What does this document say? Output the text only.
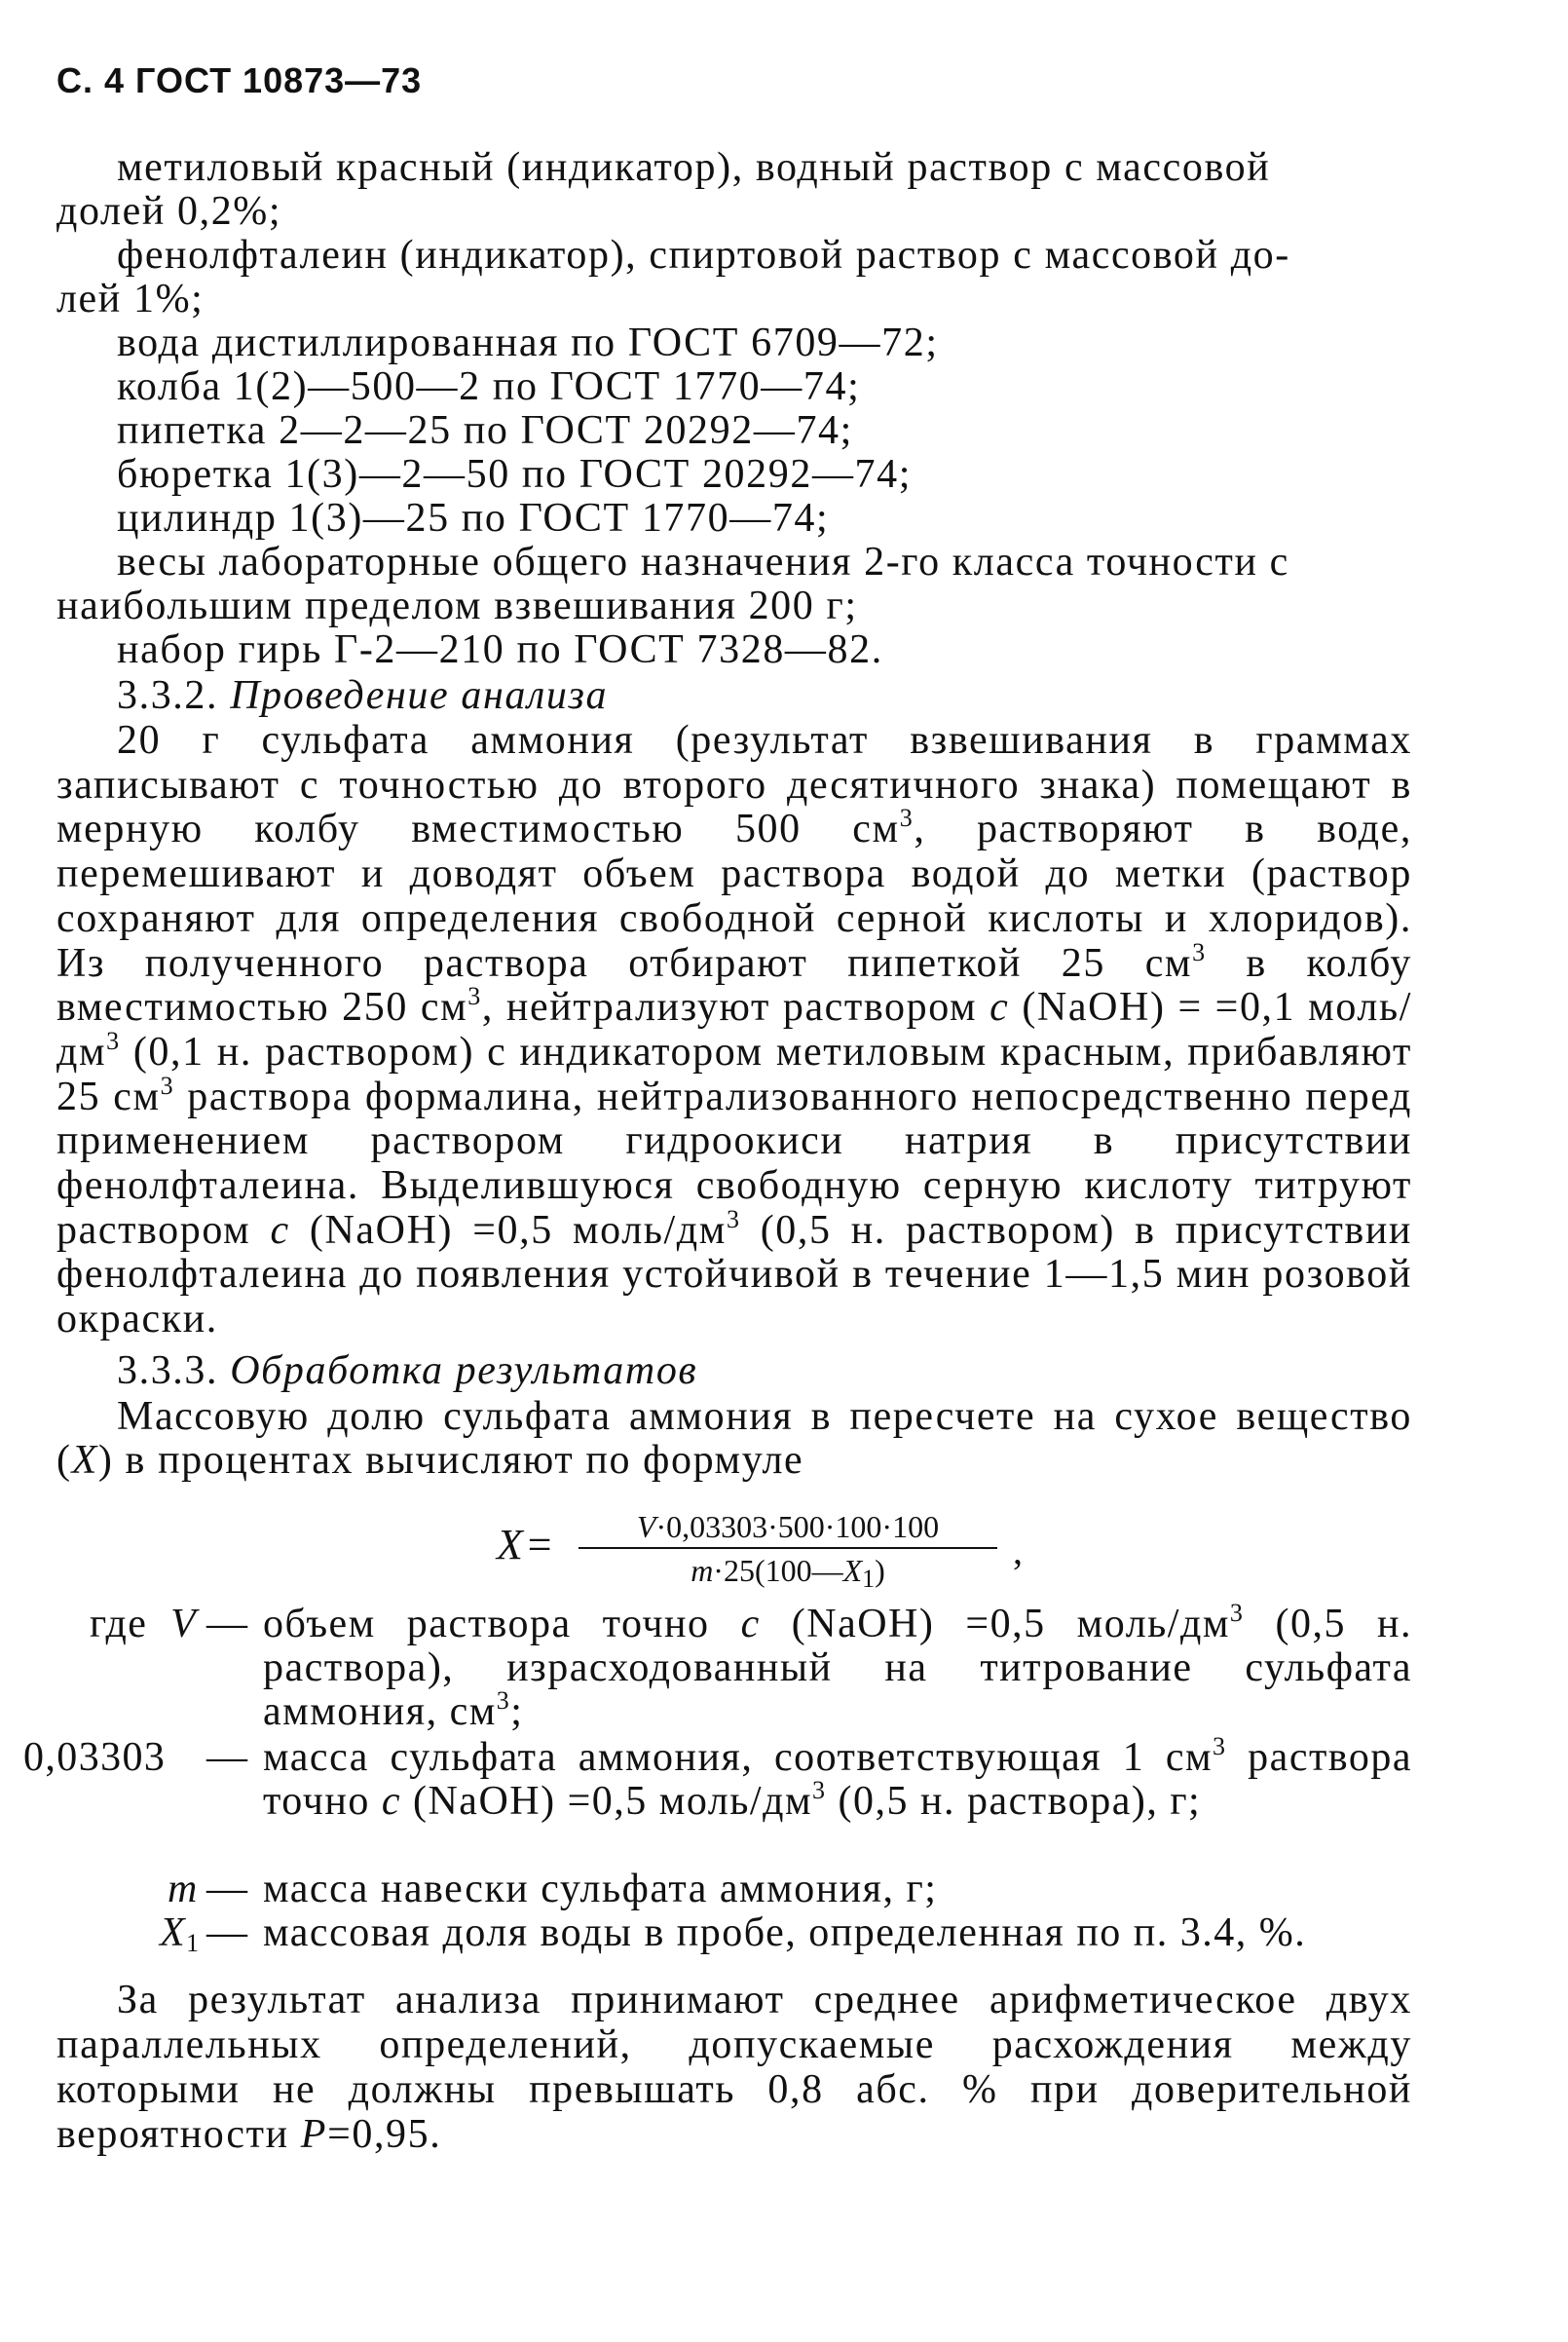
С. 4 ГОСТ 10873—73
метиловый красный (индикатор), водный раствор с массовой
долей 0,2%;
фенолфталеин (индикатор), спиртовой раствор с массовой до-
лей 1%;
вода дистиллированная по ГОСТ 6709—72;
колба 1(2)—500—2 по ГОСТ 1770—74;
пипетка 2—2—25 по ГОСТ 20292—74;
бюретка 1(3)—2—50 по ГОСТ 20292—74;
цилиндр 1(3)—25 по ГОСТ 1770—74;
весы лабораторные общего назначения 2-го класса точности с
наибольшим пределом взвешивания 200 г;
набор гирь Г-2—210 по ГОСТ 7328—82.
3.3.2. Проведение анализа
20 г сульфата аммония (результат взвешивания в граммах записывают с точностью до второго десятичного знака) помещают в мерную колбу вместимостью 500 $см^3$, растворяют в воде, перемешивают и доводят объем раствора водой до метки (раствор сохраняют для определения свободной серной кислоты и хлоридов). Из полученного раствора отбирают пипеткой 25 $см^3$ в колбу вместимостью 250 $см^3$, нейтрализуют раствором c (NaOH) = =0,1 моль/$дм^3$ (0,1 н. раствором) с индикатором метиловым красным, прибавляют 25 $см^3$ раствора формалина, нейтрализованного непосредственно перед применением раствором гидроокиси натрия в присутствии фенолфталеина. Выделившуюся свободную серную кислоту титруют раствором c (NaOH) =0,5 моль/$дм^3$ (0,5 н. раствором) в присутствии фенолфталеина до появления устойчивой в течение 1—1,5 мин розовой окраски.
3.3.3. Обработка результатов
Массовую долю сульфата аммония в пересчете на сухое вещество (X) в процентах вычисляют по формуле
X=	V·0,03303·500·100·100
$m\cdot 25(100—X_1)$	,
где V — объем раствора точно c (NaOH) =0,5 моль/$дм^3$ (0,5 н. раствора), израсходованный на титрование сульфата аммония, $см^3$;
0,03303 — масса сульфата аммония, соответствующая 1 $см^3$ раствора точно c (NaOH) =0,5 моль/$дм^3$ (0,5 н. раствора), г;
m — масса навески сульфата аммония, г;
$X_1$ — массовая доля воды в пробе, определенная по п. 3.4, %.
За результат анализа принимают среднее арифметическое двух параллельных определений, допускаемые расхождения между которыми не должны превышать 0,8 абс. % при доверительной вероятности P=0,95.
